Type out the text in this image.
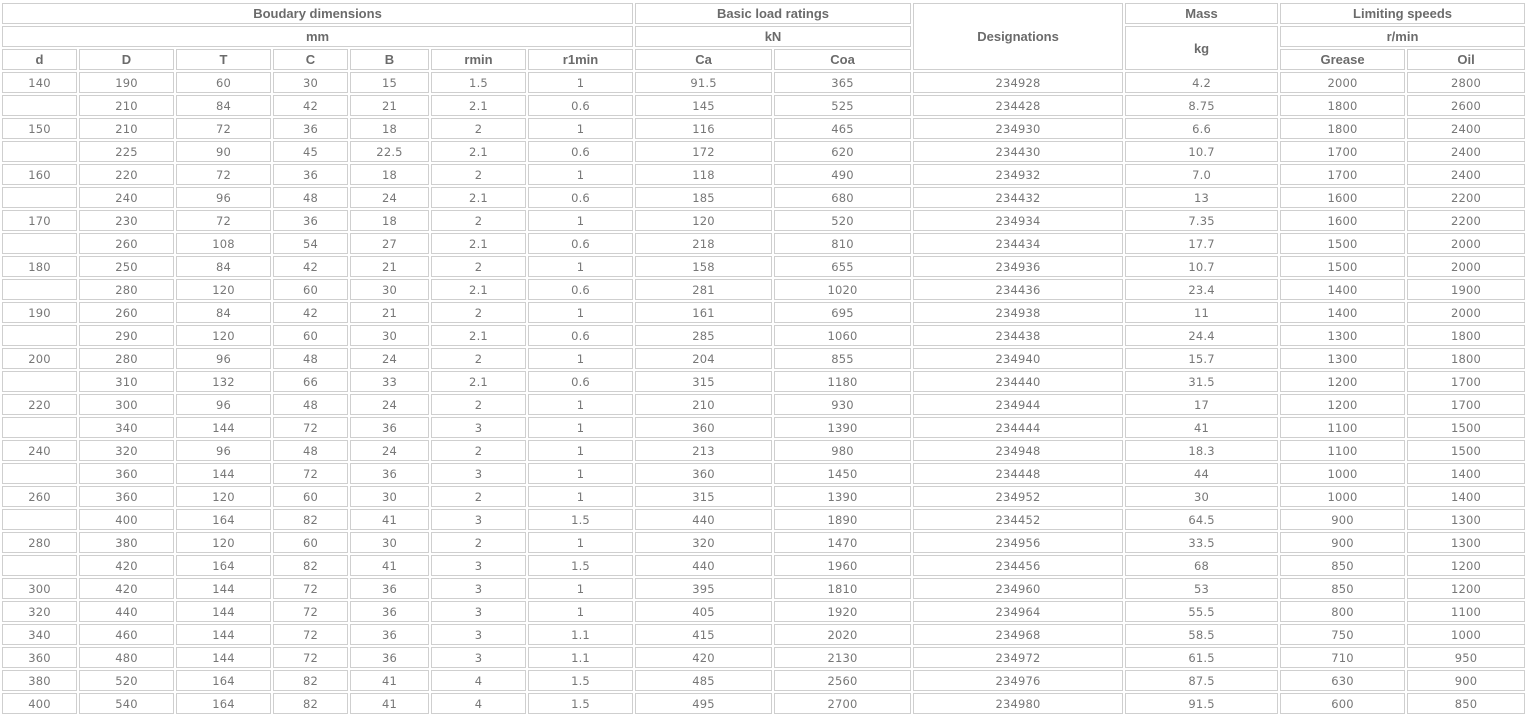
Boudary dimensions							Basic load ratings		Designations	Mass	Limiting speeds	
mm							kN			kg	r/min	
d	D	T	C	B	rmin	r1min	Ca	Coa			Grease	Oil
140	190	60	30	15	1.5	1	91.5	365	234928	4.2	2000	2800
	210	84	42	21	2.1	0.6	145	525	234428	8.75	1800	2600
150	210	72	36	18	2	1	116	465	234930	6.6	1800	2400
	225	90	45	22.5	2.1	0.6	172	620	234430	10.7	1700	2400
160	220	72	36	18	2	1	118	490	234932	7.0	1700	2400
	240	96	48	24	2.1	0.6	185	680	234432	13	1600	2200
170	230	72	36	18	2	1	120	520	234934	7.35	1600	2200
	260	108	54	27	2.1	0.6	218	810	234434	17.7	1500	2000
180	250	84	42	21	2	1	158	655	234936	10.7	1500	2000
	280	120	60	30	2.1	0.6	281	1020	234436	23.4	1400	1900
190	260	84	42	21	2	1	161	695	234938	11	1400	2000
	290	120	60	30	2.1	0.6	285	1060	234438	24.4	1300	1800
200	280	96	48	24	2	1	204	855	234940	15.7	1300	1800
	310	132	66	33	2.1	0.6	315	1180	234440	31.5	1200	1700
220	300	96	48	24	2	1	210	930	234944	17	1200	1700
	340	144	72	36	3	1	360	1390	234444	41	1100	1500
240	320	96	48	24	2	1	213	980	234948	18.3	1100	1500
	360	144	72	36	3	1	360	1450	234448	44	1000	1400
260	360	120	60	30	2	1	315	1390	234952	30	1000	1400
	400	164	82	41	3	1.5	440	1890	234452	64.5	900	1300
280	380	120	60	30	2	1	320	1470	234956	33.5	900	1300
	420	164	82	41	3	1.5	440	1960	234456	68	850	1200
300	420	144	72	36	3	1	395	1810	234960	53	850	1200
320	440	144	72	36	3	1	405	1920	234964	55.5	800	1100
340	460	144	72	36	3	1.1	415	2020	234968	58.5	750	1000
360	480	144	72	36	3	1.1	420	2130	234972	61.5	710	950
380	520	164	82	41	4	1.5	485	2560	234976	87.5	630	900
400	540	164	82	41	4	1.5	495	2700	234980	91.5	600	850
